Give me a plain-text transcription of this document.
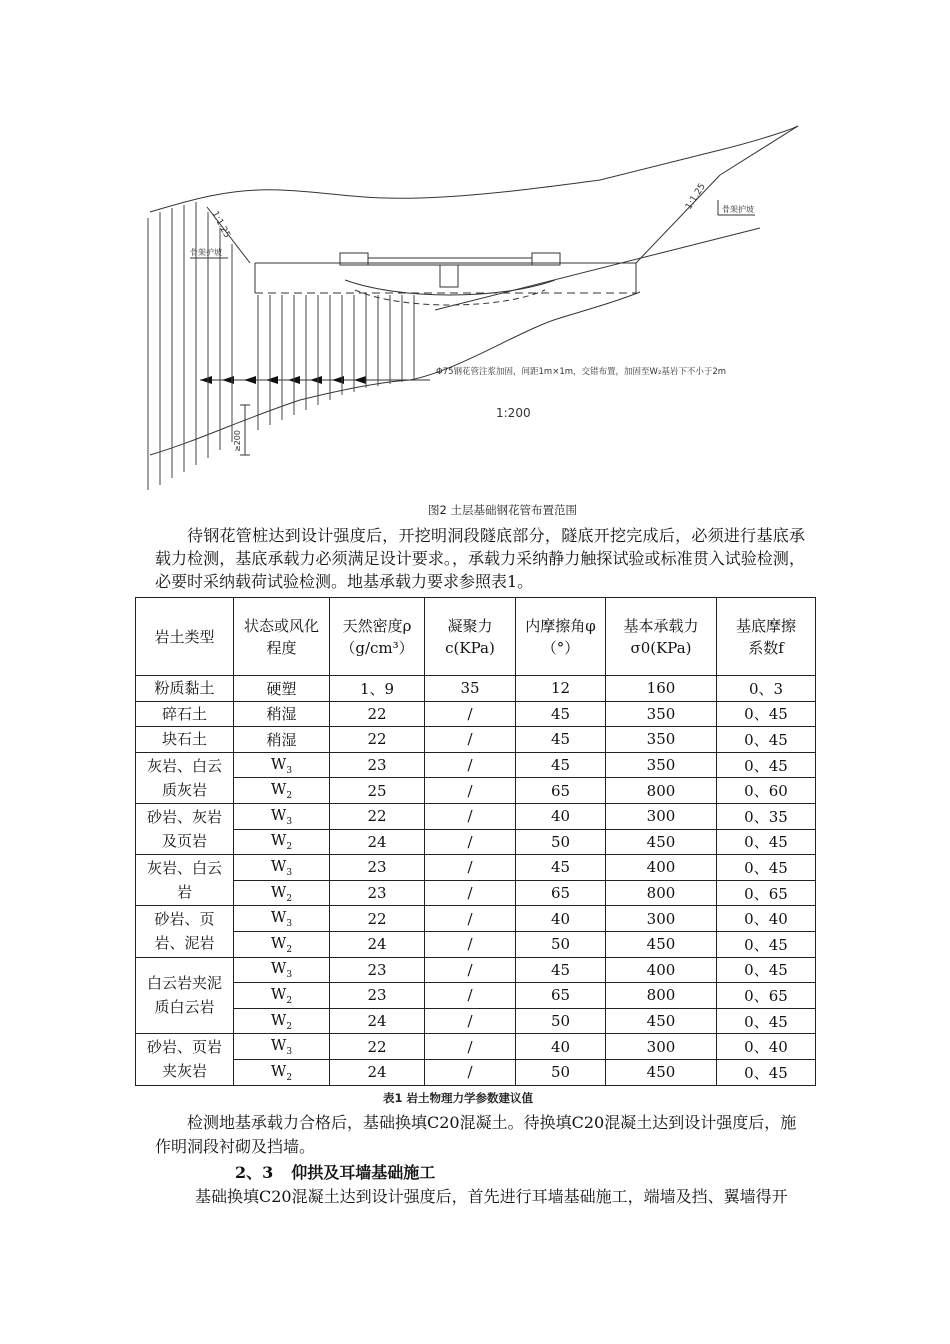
1:1.25
1:1.25
骨架护坡
骨架护坡
Φ75钢花管注浆加固，间距1m×1m，交错布置，加固至W₂基岩下不小于2m
1:200
≥200
图2 土层基础钢花管布置范围

待钢花管桩达到设计强度后，开挖明洞段隧底部分，隧底开挖完成后，必须进行基底承载力检测，基底承载力必须满足设计要求。，承载力采纳静力触探试验或标准贯入试验检测，必要时采纳载荷试验检测。地基承载力要求参照表1。

岩土类型	状态或风化程度	天然密度ρ（g/cm³）	凝聚力c(KPa)	内摩擦角φ（°）	基本承载力σ0(KPa)	基底摩擦系数f
粉质黏土	硬塑	1、9	35	12	160	0、3
碎石土	稍湿	22	/	45	350	0、45
块石土	稍湿	22	/	45	350	0、45
灰岩、白云质灰岩	$W_3$	23	/	45	350	0、45
	$W_2$	25	/	65	800	0、60
砂岩、灰岩及页岩	$W_3$	22	/	40	300	0、35
	$W_2$	24	/	50	450	0、45
灰岩、白云岩	$W_3$	23	/	45	400	0、45
	$W_2$	23	/	65	800	0、65
砂岩、页岩、泥岩	$W_3$	22	/	40	300	0、40
	$W_2$	24	/	50	450	0、45
白云岩夹泥质白云岩	$W_3$	23	/	45	400	0、45
	$W_2$	23	/	65	800	0、65
	$W_2$	24	/	50	450	0、45
砂岩、页岩夹灰岩	$W_3$	22	/	40	300	0、40
	$W_2$	24	/	50	450	0、45
表1 岩土物理力学参数建议值

检测地基承载力合格后，基础换填C20混凝土。待换填C20混凝土达到设计强度后，施作明洞段衬砌及挡墙。

2、3 仰拱及耳墙基础施工

基础换填C20混凝土达到设计强度后，首先进行耳墙基础施工，端墙及挡、翼墙得开
